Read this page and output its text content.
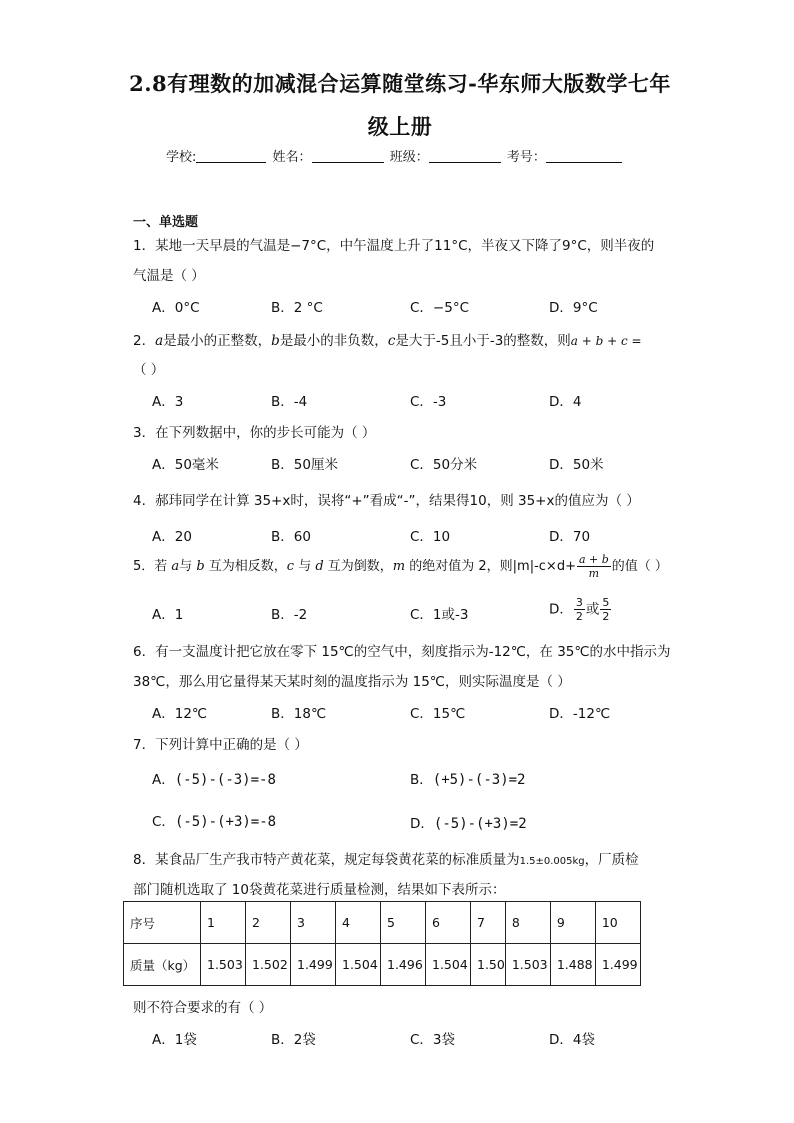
2.8有理数的加减混合运算随堂练习-华东师大版数学七年
级上册
学校:	姓名：	班级：	考号：
一、单选题
1．某地一天早晨的气温是−7°C，中午温度上升了11°C，半夜又下降了9°C，则半夜的
气温是（ ）
A．0°C	B．2 °C	C．−5°C	D．9°C
2．a是最小的正整数，b是最小的非负数，c是大于-5且小于-3的整数，则a + b + c =
（ ）
A．3	B．-4	C．-3	D．4
3．在下列数据中，你的步长可能为（ ）
A．50毫米	B．50厘米	C．50分米	D．50米
4．郝玮同学在计算 35+x时，误将“+”看成“-”，结果得10，则 35+x的值应为（ ）
A．20	B．60	C．10	D．70
5．若 a与 b 互为相反数，c 与 d 互为倒数，m 的绝对值为 2，则$|m|-c\times d+ \frac{a + b}{m}$ 的值（ ）
A．1	B．-2	C．1或-3	D． $\frac{3}{2}$ 或 $\frac{5}{2}$
6．有一支温度计把它放在零下 15℃的空气中，刻度指示为-12℃，在 35℃的水中指示为
38℃，那么用它量得某天某时刻的温度指示为 15℃，则实际温度是（ ）
A．12℃	B．18℃	C．15℃	D．-12℃
7．下列计算中正确的是（ ）
A．(-5)-(-3)=-8	B．(+5)-(-3)=2
C．(-5)-(+3)=-8	D．(-5)-(+3)=2
8．某食品厂生产我市特产黄花菜，规定每袋黄花菜的标准质量为1.5±0.005kg，厂质检
部门随机选取了 10袋黄花菜进行质量检测，结果如下表所示：
序号	1	2	3	4	5	6	7	8	9	10
质量（kg）	1.503	1.502	1.499	1.504	1.496	1.504	1.50	1.503	1.488	1.499
则不符合要求的有（ ）
A．1袋	B．2袋	C．3袋	D．4袋
